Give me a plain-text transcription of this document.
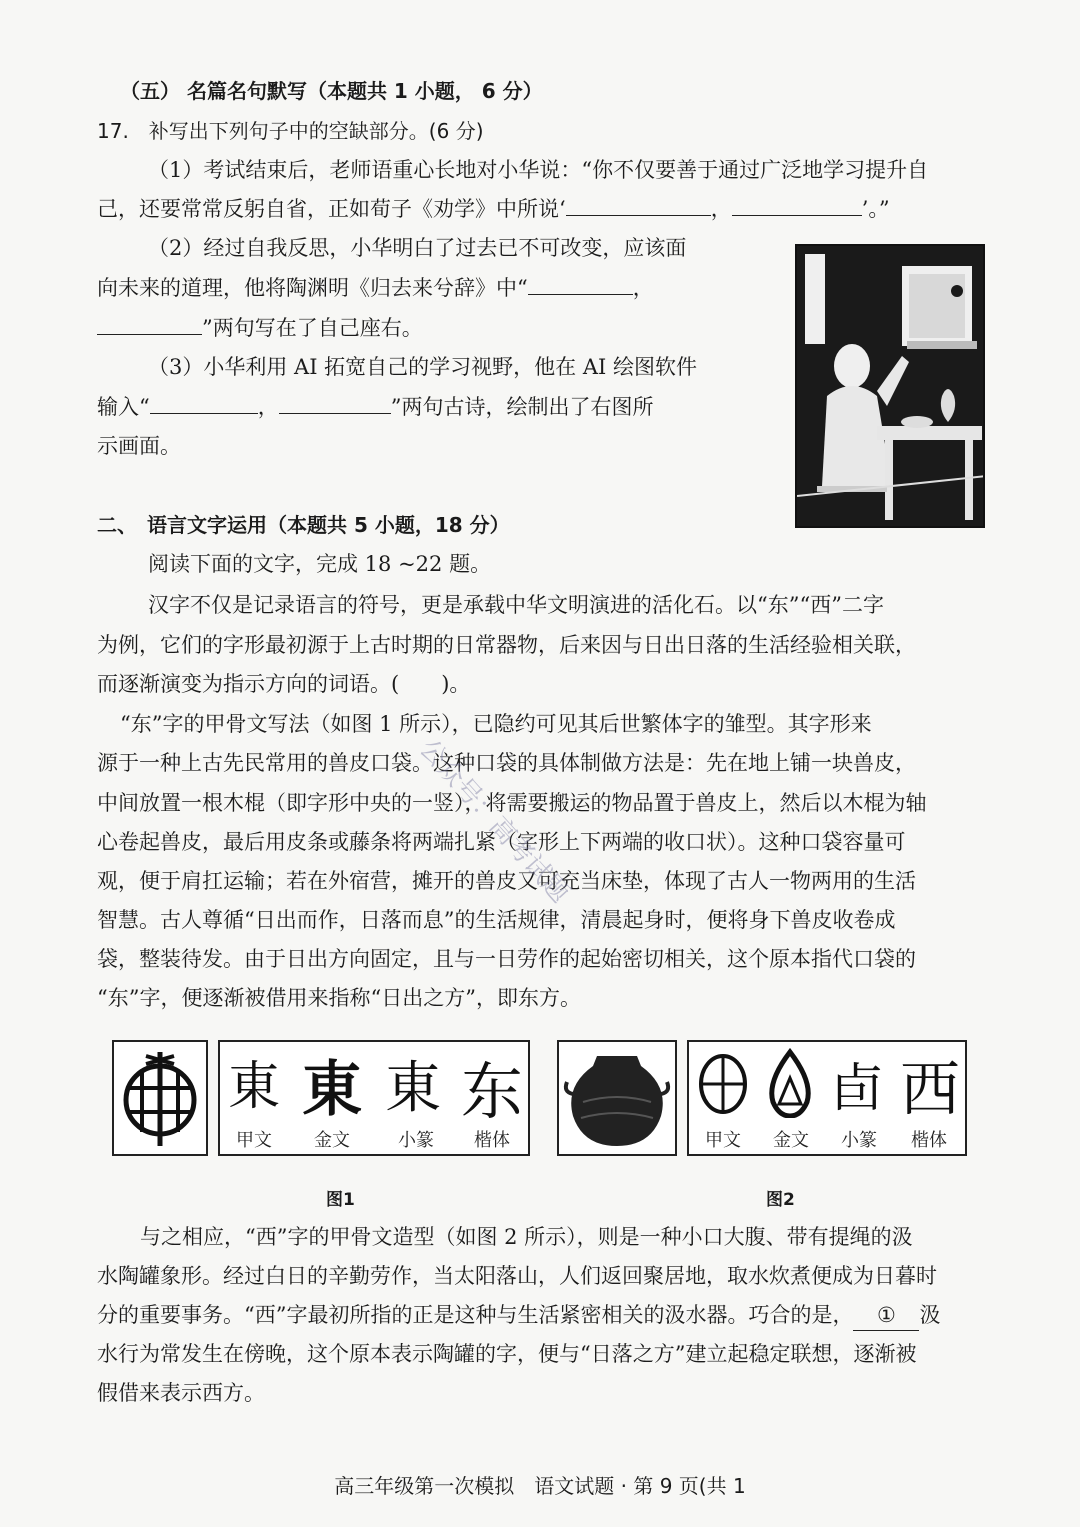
（五） 名篇名句默写（本题共 1 小题， 6 分）
17.　补写出下列句子中的空缺部分。(6 分)
（1）考试结束后，老师语重心长地对小华说：“你不仅要善于通过广泛地学习提升自
己，还要常常反躬自省，正如荀子《劝学》中所说‘	，	’。”
（2）经过自我反思，小华明白了过去已不可改变，应该面
向未来的道理，他将陶渊明《归去来兮辞》中“	，
”两句写在了自己座右。
（3）小华利用 AI 拓宽自己的学习视野，他在 AI 绘图软件
输入“	，	”两句古诗，绘制出了右图所
示画面。
二、　语言文字运用（本题共 5 小题，18 分）
阅读下面的文字，完成 18 ~22 题。
汉字不仅是记录语言的符号，更是承载中华文明演进的活化石。以“东”“西”二字
为例，它们的字形最初源于上古时期的日常器物，后来因与日出日落的生活经验相关联，
而逐渐演变为指示方向的词语。(　　)。
“东”字的甲骨文写法（如图 1 所示），已隐约可见其后世繁体字的雏型。其字形来
源于一种上古先民常用的兽皮口袋。这种口袋的具体制做方法是：先在地上铺一块兽皮，
中间放置一根木棍（即字形中央的一竖），将需要搬运的物品置于兽皮上，然后以木棍为轴
心卷起兽皮，最后用皮条或藤条将两端扎紧（字形上下两端的收口状）。这种口袋容量可
观，便于肩扛运输；若在外宿营，摊开的兽皮又可充当床垫，体现了古人一物两用的生活
智慧。古人尊循“日出而作，日落而息”的生活规律，清晨起身时，便将身下兽皮收卷成
袋，整装待发。由于日出方向固定，且与一日劳作的起始密切相关，这个原本指代口袋的
“东”字，便逐渐被借用来指称“日出之方”，即东方。
東 東 東 东
甲文	金文	小篆	楷体
卣 西
甲文	金文	小篆	楷体
图1	图2
与之相应，“西”字的甲骨文造型（如图 2 所示），则是一种小口大腹、带有提绳的汲
水陶罐象形。经过白日的辛勤劳作，当太阳落山，人们返回聚居地，取水炊煮便成为日暮时
分的重要事务。“西”字最初所指的正是这种与生活紧密相关的汲水器。巧合的是， ① 汲
水行为常发生在傍晚，这个原本表示陶罐的字，便与“日落之方”建立起稳定联想，逐渐被
假借来表示西方。
公众号：高考试题
高三年级第一次模拟　语文试题 · 第 9 页(共 1
